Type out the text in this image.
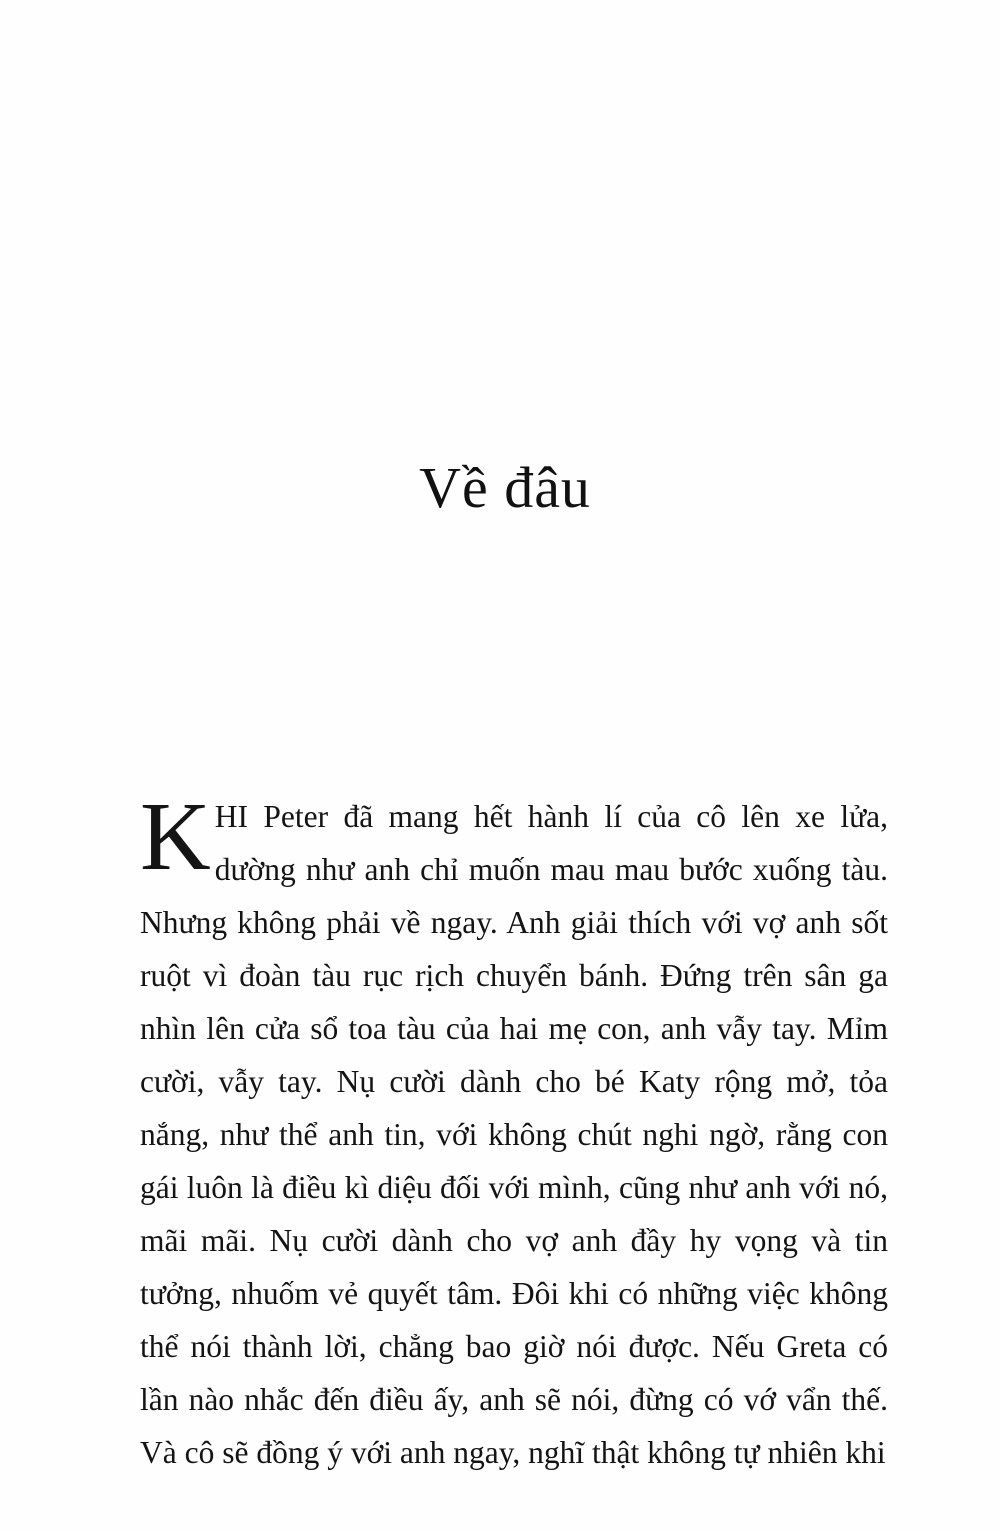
Về đâu

KHI Peter đã mang hết hành lí của cô lên xe lửa, dường như anh chỉ muốn mau mau bước xuống tàu. Nhưng không phải về ngay. Anh giải thích với vợ anh sốt ruột vì đoàn tàu rục rịch chuyển bánh. Đứng trên sân ga nhìn lên cửa sổ toa tàu của hai mẹ con, anh vẫy tay. Mỉm cười, vẫy tay. Nụ cười dành cho bé Katy rộng mở, tỏa nắng, như thể anh tin, với không chút nghi ngờ, rằng con gái luôn là điều kì diệu đối với mình, cũng như anh với nó, mãi mãi. Nụ cười dành cho vợ anh đầy hy vọng và tin tưởng, nhuốm vẻ quyết tâm. Đôi khi có những việc không thể nói thành lời, chẳng bao giờ nói được. Nếu Greta có lần nào nhắc đến điều ấy, anh sẽ nói, đừng có vớ vẩn thế. Và cô sẽ đồng ý với anh ngay, nghĩ thật không tự nhiên khi
